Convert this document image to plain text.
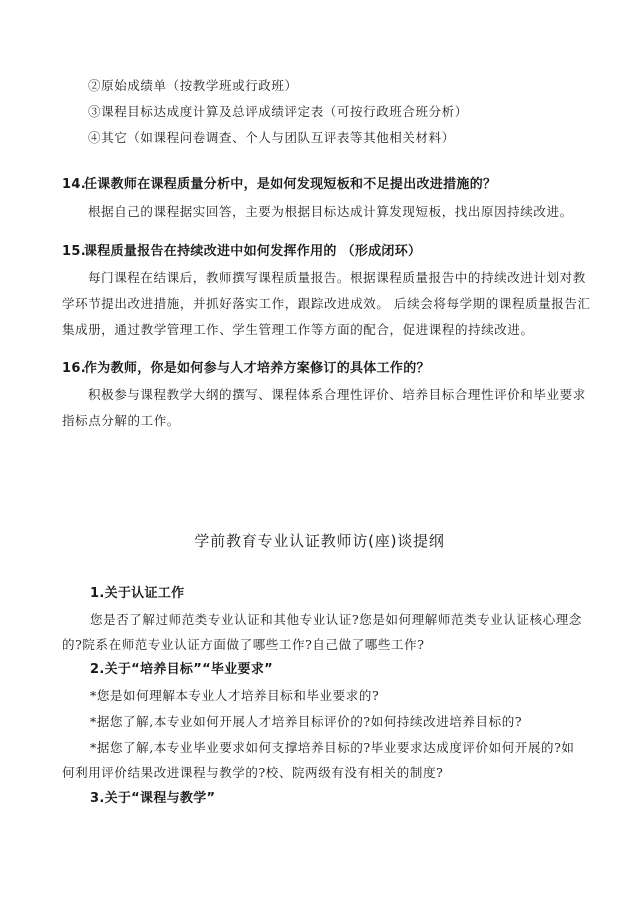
②原始成绩单（按教学班或行政班）
③课程目标达成度计算及总评成绩评定表（可按行政班合班分析）
④其它（如课程问卷调查、个人与团队互评表等其他相关材料）
14.任课教师在课程质量分析中，是如何发现短板和不足提出改进措施的？
根据自己的课程据实回答，主要为根据目标达成计算发现短板，找出原因持续改进。
15.课程质量报告在持续改进中如何发挥作用的 （形成闭环）
每门课程在结课后，教师撰写课程质量报告。根据课程质量报告中的持续改进计划对教
学环节提出改进措施，并抓好落实工作，跟踪改进成效。 后续会将每学期的课程质量报告汇
集成册，通过教学管理工作、学生管理工作等方面的配合，促进课程的持续改进。
16.作为教师，你是如何参与人才培养方案修订的具体工作的？
积极参与课程教学大纲的撰写、课程体系合理性评价、培养目标合理性评价和毕业要求
指标点分解的工作。
学前教育专业认证教师访(座)谈提纲
1.关于认证工作
您是否了解过师范类专业认证和其他专业认证?您是如何理解师范类专业认证核心理念
的?院系在师范专业认证方面做了哪些工作?自己做了哪些工作?
2.关于“培养目标”“毕业要求”
*您是如何理解本专业人才培养目标和毕业要求的?
*据您了解,本专业如何开展人才培养目标评价的?如何持续改进培养目标的?
*据您了解,本专业毕业要求如何支撑培养目标的?毕业要求达成度评价如何开展的?如
何利用评价结果改进课程与教学的?校、院两级有没有相关的制度?
3.关于“课程与教学”
